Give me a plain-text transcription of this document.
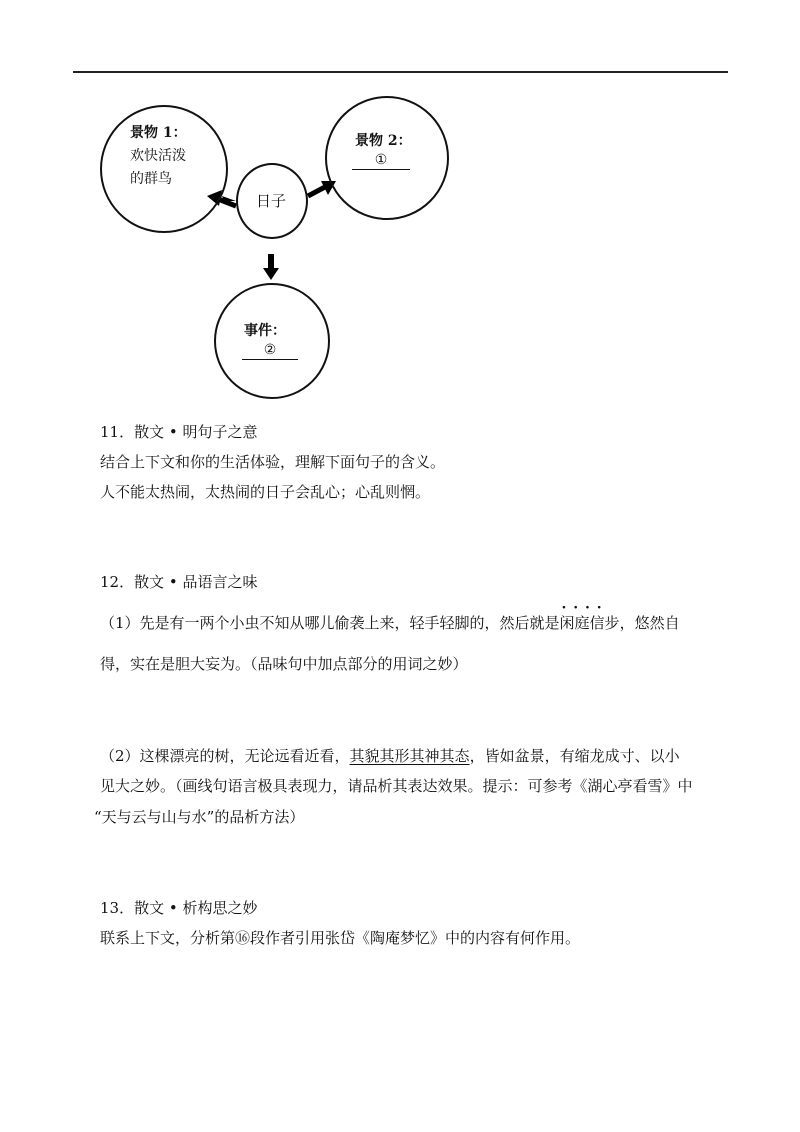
景物 1：
欢快活泼
的群鸟
景物 2：
①
日子
事件：
②
11．散文 • 明句子之意
结合上下文和你的生活体验，理解下面句子的含义。
人不能太热闹，太热闹的日子会乱心；心乱则惘。
12．散文 • 品语言之味
（1）先是有一两个小虫不知从哪儿偷袭上来，轻手轻脚的，然后就是· · · · 闲庭信步，悠然自
得，实在是胆大妄为。（品味句中加点部分的用词之妙）
（2）这棵漂亮的树，无论远看近看，其貌其形其神其态，皆如盆景，有缩龙成寸、以小
见大之妙。（画线句语言极具表现力，请品析其表达效果。提示：可参考《湖心亭看雪》中
“天与云与山与水”的品析方法）
13．散文 • 析构思之妙
联系上下文，分析第⑯段作者引用张岱《陶庵梦忆》中的内容有何作用。
